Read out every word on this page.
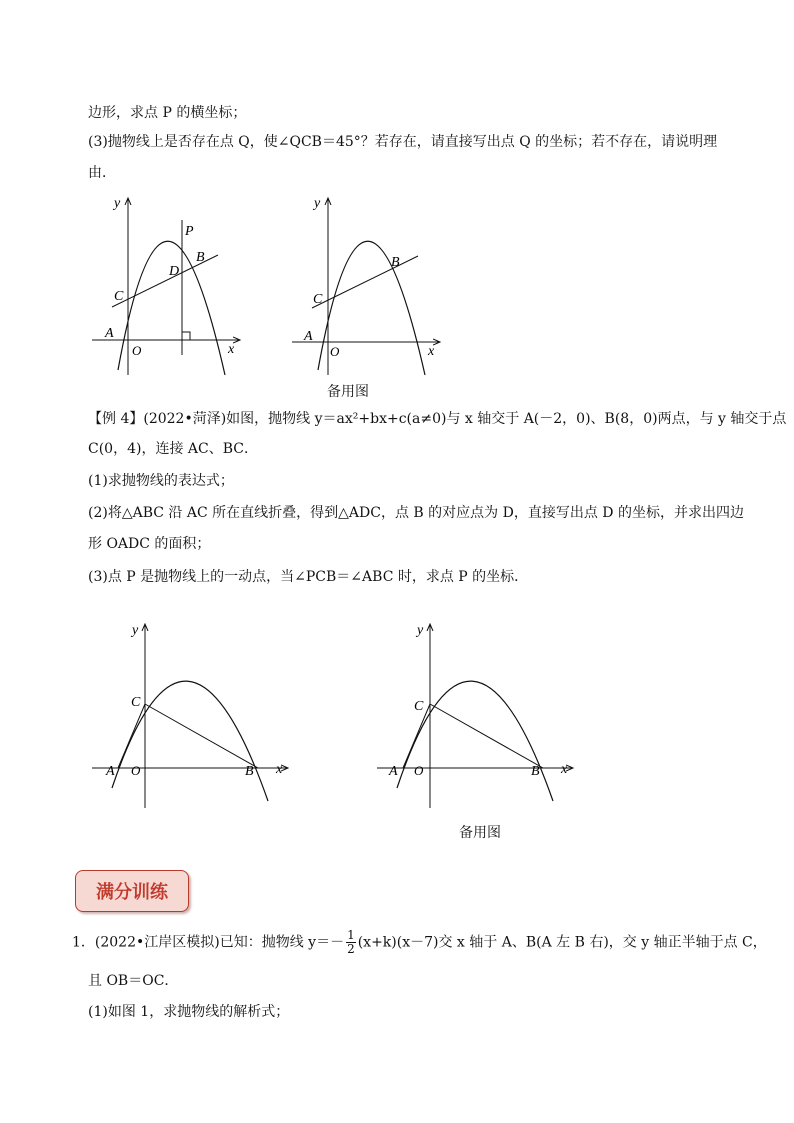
边形，求点 P 的横坐标；
(3)抛物线上是否存在点 Q，使∠QCB＝45°？若存在，请直接写出点 Q 的坐标；若不存在，请说明理
由．
y
x
O
A
C
D
B
P
y
x
O
A
C
B
备用图
【例 4】(2022•菏泽)如图，抛物线 y＝ax²+bx+c(a≠0)与 x 轴交于 A(－2，0)、B(8，0)两点，与 y 轴交于点
C(0，4)，连接 AC、BC．
(1)求抛物线的表达式；
(2)将△ABC 沿 AC 所在直线折叠，得到△ADC，点 B 的对应点为 D，直接写出点 D 的坐标，并求出四边
形 OADC 的面积；
(3)点 P 是抛物线上的一动点，当∠PCB＝∠ABC 时，求点 P 的坐标．
y
x
O
A
C
B
y
x
O
A
C
B
备用图
满分训练
1．(2022•江岸区模拟)已知：抛物线 $y=- \frac{1}{2} (x+k)(x-7)$交 x 轴于 A、B(A 左 B 右)，交 y 轴正半轴于点 C，
且 OB＝OC．
(1)如图 1，求抛物线的解析式；
